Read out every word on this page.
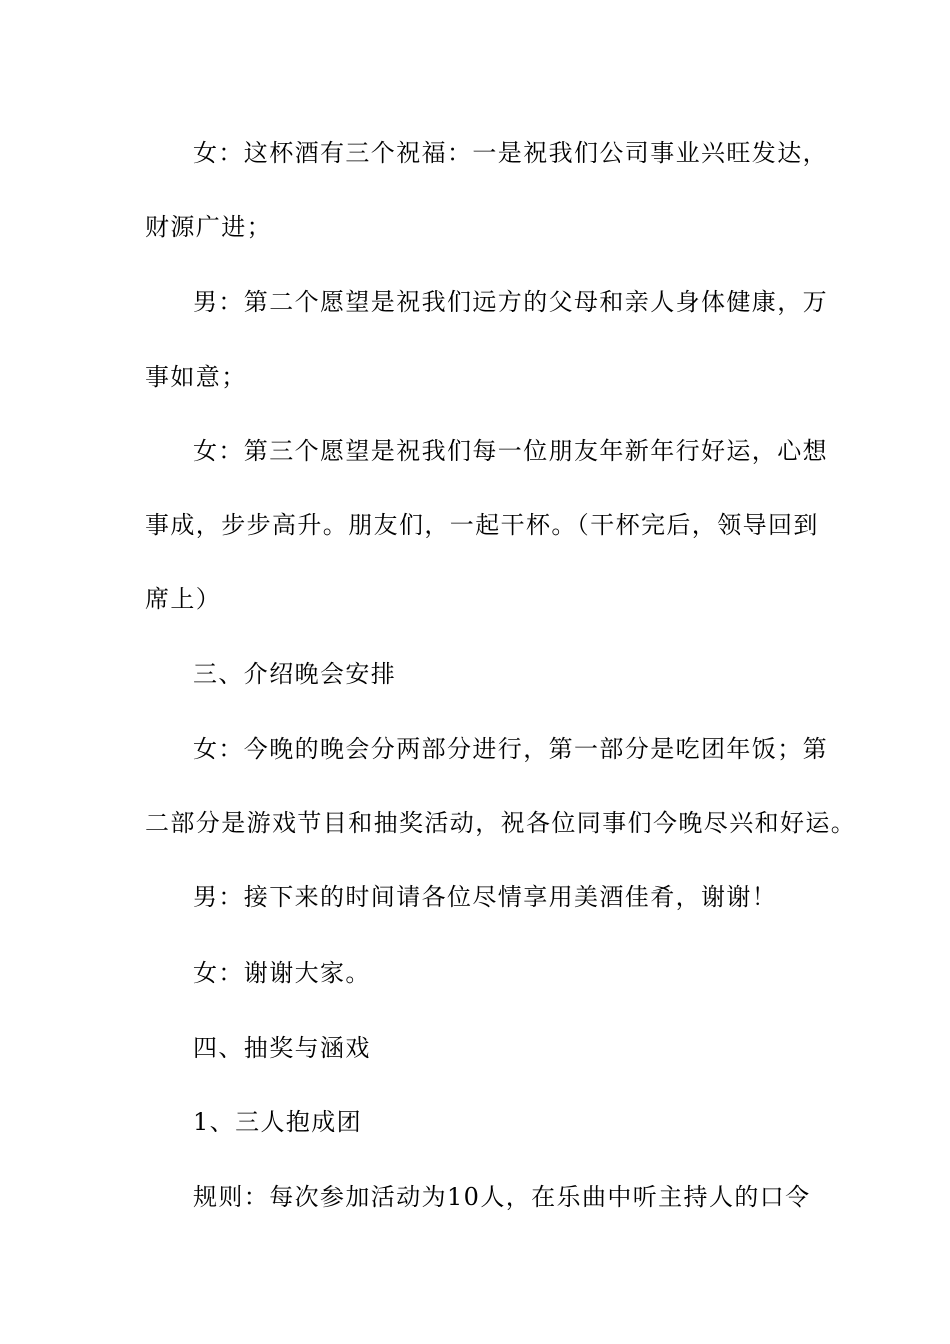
女：这杯酒有三个祝福：一是祝我们公司事业兴旺发达，
财源广进；
男：第二个愿望是祝我们远方的父母和亲人身体健康，万
事如意；
女：第三个愿望是祝我们每一位朋友年新年行好运，心想
事成，步步高升。朋友们，一起干杯。（干杯完后，领导回到
席上）
三、介绍晚会安排
女：今晚的晚会分两部分进行，第一部分是吃团年饭；第
二部分是游戏节目和抽奖活动，祝各位同事们今晚尽兴和好运。
男：接下来的时间请各位尽情享用美酒佳肴，谢谢！
女：谢谢大家。
四、抽奖与涵戏
1、三人抱成团
规则：每次参加活动为10人，在乐曲中听主持人的口令
